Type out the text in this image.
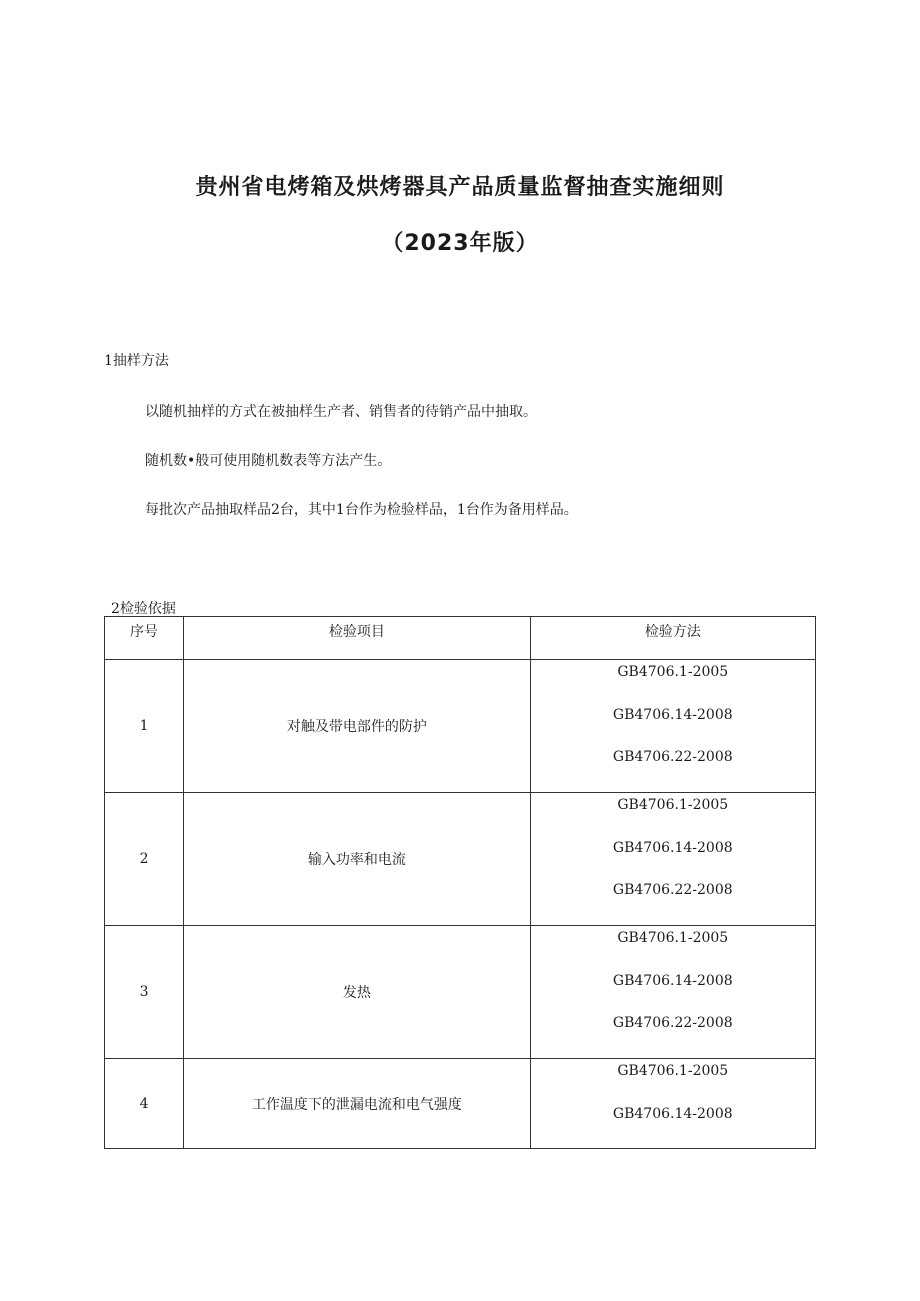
贵州省电烤箱及烘烤器具产品质量监督抽查实施细则
（2023年版）
1抽样方法
以随机抽样的方式在被抽样生产者、销售者的待销产品中抽取。
随机数•般可使用随机数表等方法产生。
每批次产品抽取样品2台，其中1台作为检验样品，1台作为备用样品。
2检验依据
序号	检验项目	检验方法
1	对触及带电部件的防护	GB4706.1-2005
GB4706.14-2008
GB4706.22-2008

2	输入功率和电流	GB4706.1-2005
GB4706.14-2008
GB4706.22-2008

3	发热	GB4706.1-2005
GB4706.14-2008
GB4706.22-2008

4	工作温度下的泄漏电流和电气强度	GB4706.1-2005
GB4706.14-2008
